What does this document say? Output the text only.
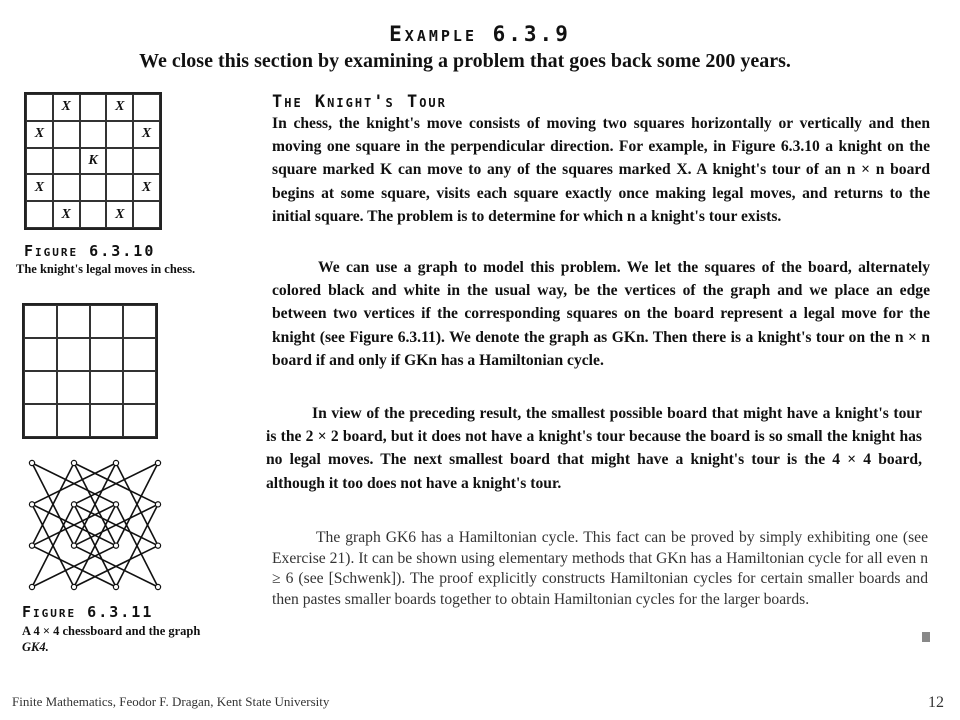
Example 6.3.9
We close this section by examining a problem that goes back some 200 years.
X	X
X	X
K
X	X
X	X
Figure 6.3.10
The knight's legal moves in chess.
Figure 6.3.11
A 4 × 4 chessboard and the graph
GK4.
The Knight's Tour
In chess, the knight's move consists of moving two squares horizontally or vertically and then moving one square in the perpendicular direction. For example, in Figure 6.3.10 a knight on the square marked K can move to any of the squares marked X. A knight's tour of an n × n board begins at some square, visits each square exactly once making legal moves, and returns to the initial square. The problem is to determine for which n a knight's tour exists.
We can use a graph to model this problem. We let the squares of the board, alternately colored black and white in the usual way, be the vertices of the graph and we place an edge between two vertices if the corresponding squares on the board represent a legal move for the knight (see Figure 6.3.11). We denote the graph as GKn. Then there is a knight's tour on the n × n board if and only if GKn has a Hamiltonian cycle.
In view of the preceding result, the smallest possible board that might have a knight's tour is the 2 × 2 board, but it does not have a knight's tour because the board is so small the knight has no legal moves. The next smallest board that might have a knight's tour is the 4 × 4 board, although it too does not have a knight's tour.
The graph GK6 has a Hamiltonian cycle. This fact can be proved by simply exhibiting one (see Exercise 21). It can be shown using elementary methods that GKn has a Hamiltonian cycle for all even n ≥ 6 (see [Schwenk]). The proof explicitly constructs Hamiltonian cycles for certain smaller boards and then pastes smaller boards together to obtain Hamiltonian cycles for the larger boards.
Finite Mathematics, Feodor F. Dragan, Kent State University	12
